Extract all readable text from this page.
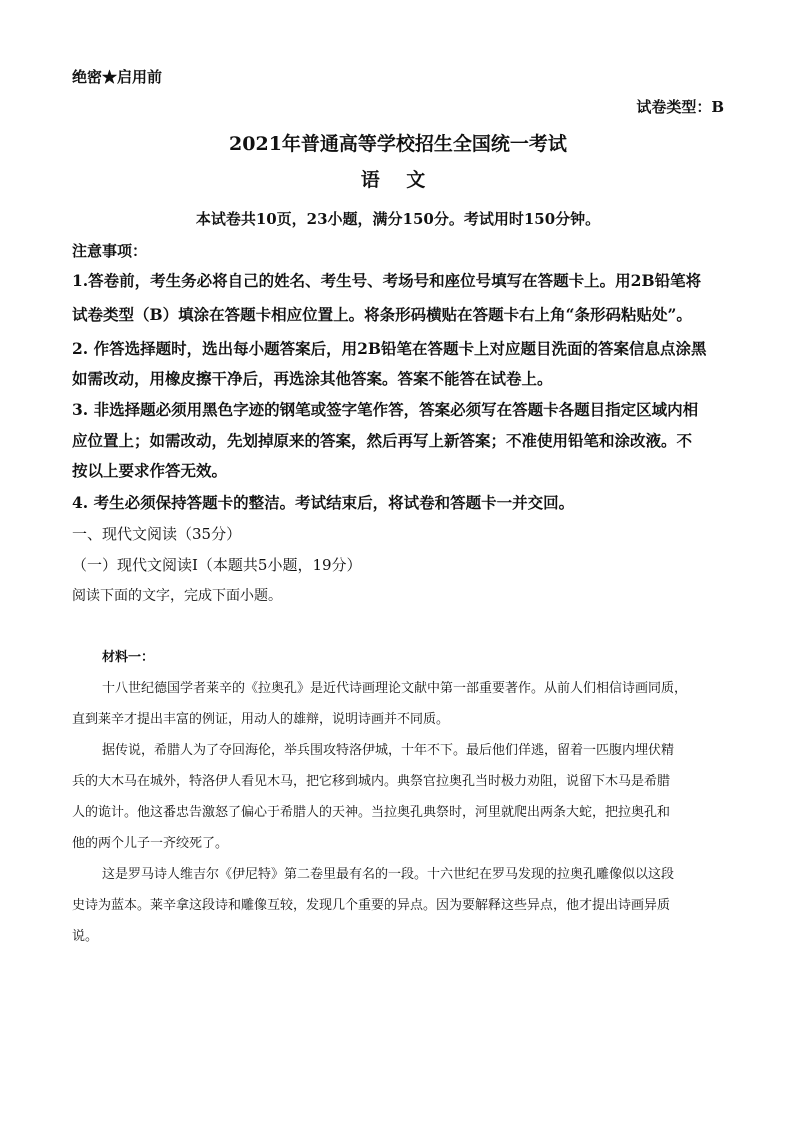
绝密★启用前
试卷类型：B
2021年普通高等学校招生全国统一考试
语 文
本试卷共10页，23小题，满分150分。考试用时150分钟。
注意事项：
1.答卷前，考生务必将自己的姓名、考生号、考场号和座位号填写在答题卡上。用2B铅笔将
试卷类型（B）填涂在答题卡相应位置上。将条形码横贴在答题卡右上角“条形码粘贴处”。
2. 作答选择题时，选出每小题答案后，用2B铅笔在答题卡上对应题目洗面的答案信息点涂黑
如需改动，用橡皮擦干净后，再选涂其他答案。答案不能答在试卷上。
3. 非选择题必须用黑色字迹的钢笔或签字笔作答，答案必须写在答题卡各题目指定区域内相
应位置上；如需改动，先划掉原来的答案，然后再写上新答案；不准使用铅笔和涂改液。不
按以上要求作答无效。
4. 考生必须保持答题卡的整洁。考试结束后，将试卷和答题卡一并交回。
一、现代文阅读（35分）
（一）现代文阅读Ⅰ（本题共5小题，19分）
阅读下面的文字，完成下面小题。
材料一：
十八世纪德国学者莱辛的《拉奥孔》是近代诗画理论文献中第一部重要著作。从前人们相信诗画同质，
直到莱辛才提出丰富的例证，用动人的雄辩，说明诗画并不同质。
据传说，希腊人为了夺回海伦，举兵围攻特洛伊城，十年不下。最后他们佯逃，留着一匹腹内埋伏精
兵的大木马在城外，特洛伊人看见木马，把它移到城内。典祭官拉奥孔当时极力劝阻，说留下木马是希腊
人的诡计。他这番忠告激怒了偏心于希腊人的天神。当拉奥孔典祭时，河里就爬出两条大蛇，把拉奥孔和
他的两个儿子一齐绞死了。
这是罗马诗人维吉尔《伊尼特》第二卷里最有名的一段。十六世纪在罗马发现的拉奥孔雕像似以这段
史诗为蓝本。莱辛拿这段诗和雕像互较，发现几个重要的异点。因为要解释这些异点，他才提出诗画异质
说。
